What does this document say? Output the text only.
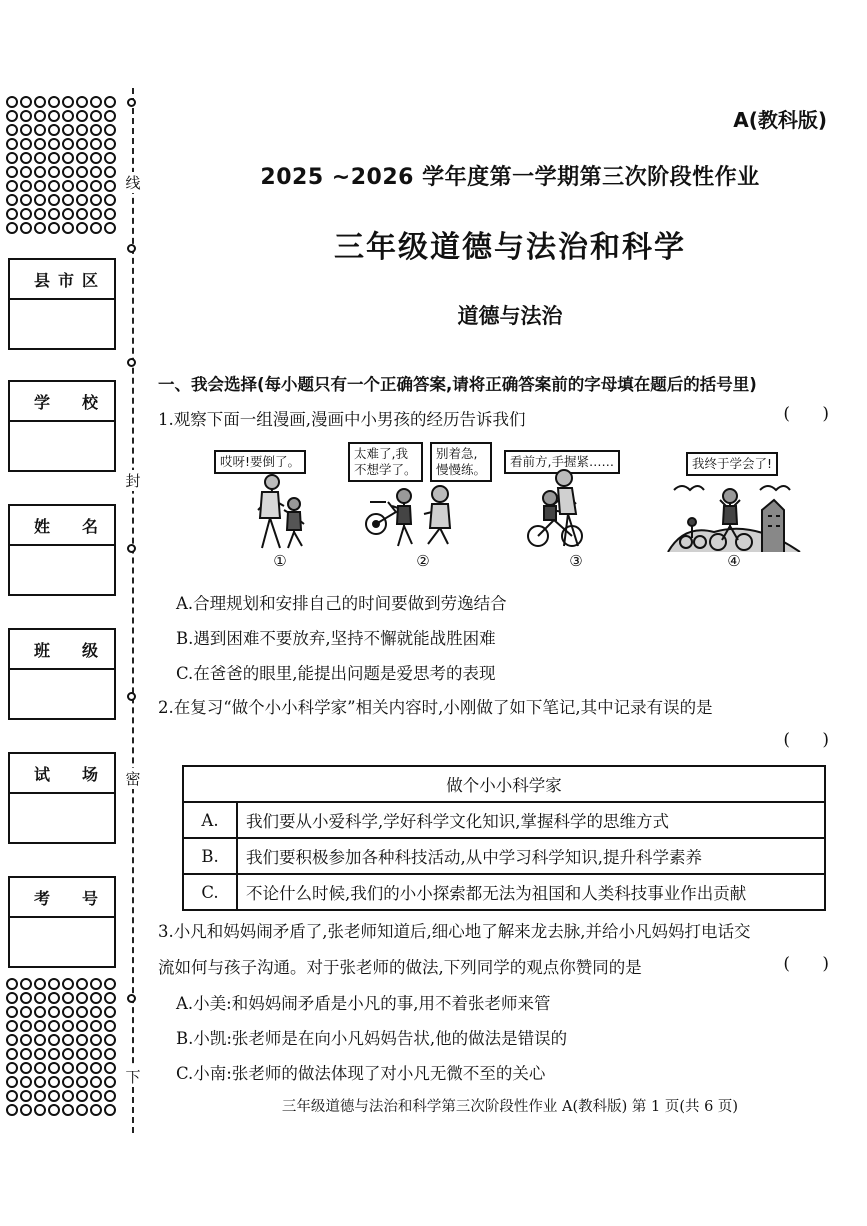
县 市 区
学 校
姓 名
班 级
试 场
考 号
线
封
密
下
A(教科版)
2025 ~2026 学年度第一学期第三次阶段性作业
三年级道德与法治和科学
道德与法治
一、我会选择(每小题只有一个正确答案,请将正确答案前的字母填在题后的括号里)
1.观察下面一组漫画,漫画中小男孩的经历告诉我们	(      )
哎呀!要倒了。
①
太难了,我
不想学了。
别着急,
慢慢练。
②
看前方,手握紧……
③
我终于学会了!
④
A.合理规划和安排自己的时间要做到劳逸结合
B.遇到困难不要放弃,坚持不懈就能战胜困难
C.在爸爸的眼里,能提出问题是爱思考的表现
2.在复习“做个小小科学家”相关内容时,小刚做了如下笔记,其中记录有误的是
(      )
做个小小科学家	
A.	我们要从小爱科学,学好科学文化知识,掌握科学的思维方式
B.	我们要积极参加各种科技活动,从中学习科学知识,提升科学素养
C.	不论什么时候,我们的小小探索都无法为祖国和人类科技事业作出贡献
3.小凡和妈妈闹矛盾了,张老师知道后,细心地了解来龙去脉,并给小凡妈妈打电话交
流如何与孩子沟通。对于张老师的做法,下列同学的观点你赞同的是	(      )
A.小美:和妈妈闹矛盾是小凡的事,用不着张老师来管
B.小凯:张老师是在向小凡妈妈告状,他的做法是错误的
C.小南:张老师的做法体现了对小凡无微不至的关心
三年级道德与法治和科学第三次阶段性作业 A(教科版) 第 1 页(共 6 页)
